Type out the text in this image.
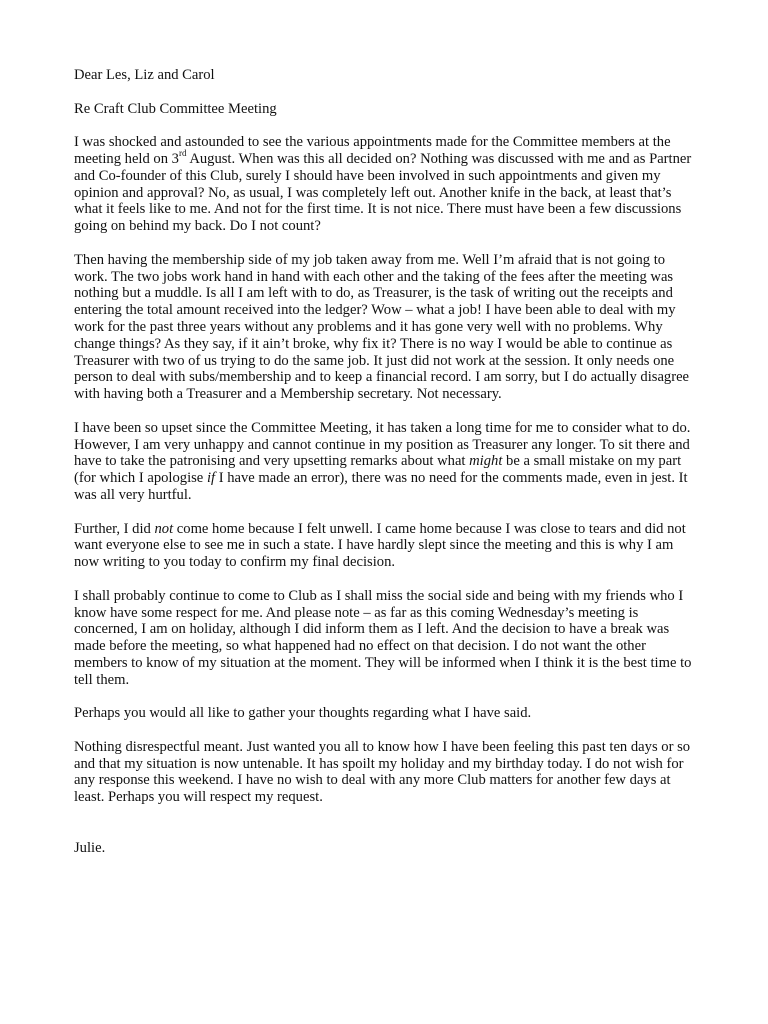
Dear Les, Liz and Carol

Re Craft Club Committee Meeting

I was shocked and astounded to see the various appointments made for the Committee members at the meeting held on 3rd August. When was this all decided on? Nothing was discussed with me and as Partner and Co-founder of this Club, surely I should have been involved in such appointments and given my opinion and approval? No, as usual, I was completely left out. Another knife in the back, at least that’s what it feels like to me. And not for the first time. It is not nice. There must have been a few discussions going on behind my back. Do I not count?

Then having the membership side of my job taken away from me. Well I’m afraid that is not going to work. The two jobs work hand in hand with each other and the taking of the fees after the meeting was nothing but a muddle. Is all I am left with to do, as Treasurer, is the task of writing out the receipts and entering the total amount received into the ledger? Wow – what a job! I have been able to deal with my work for the past three years without any problems and it has gone very well with no problems. Why change things? As they say, if it ain’t broke, why fix it? There is no way I would be able to continue as Treasurer with two of us trying to do the same job. It just did not work at the session. It only needs one person to deal with subs/membership and to keep a financial record. I am sorry, but I do actually disagree with having both a Treasurer and a Membership secretary. Not necessary.

I have been so upset since the Committee Meeting, it has taken a long time for me to consider what to do. However, I am very unhappy and cannot continue in my position as Treasurer any longer. To sit there and have to take the patronising and very upsetting remarks about what might be a small mistake on my part (for which I apologise if I have made an error), there was no need for the comments made, even in jest. It was all very hurtful.

Further, I did not come home because I felt unwell. I came home because I was close to tears and did not want everyone else to see me in such a state. I have hardly slept since the meeting and this is why I am now writing to you today to confirm my final decision.

I shall probably continue to come to Club as I shall miss the social side and being with my friends who I know have some respect for me. And please note – as far as this coming Wednesday’s meeting is concerned, I am on holiday, although I did inform them as I left. And the decision to have a break was made before the meeting, so what happened had no effect on that decision. I do not want the other members to know of my situation at the moment. They will be informed when I think it is the best time to tell them.

Perhaps you would all like to gather your thoughts regarding what I have said.

Nothing disrespectful meant. Just wanted you all to know how I have been feeling this past ten days or so and that my situation is now untenable. It has spoilt my holiday and my birthday today. I do not wish for any response this weekend. I have no wish to deal with any more Club matters for another few days at least. Perhaps you will respect my request.

Julie.
